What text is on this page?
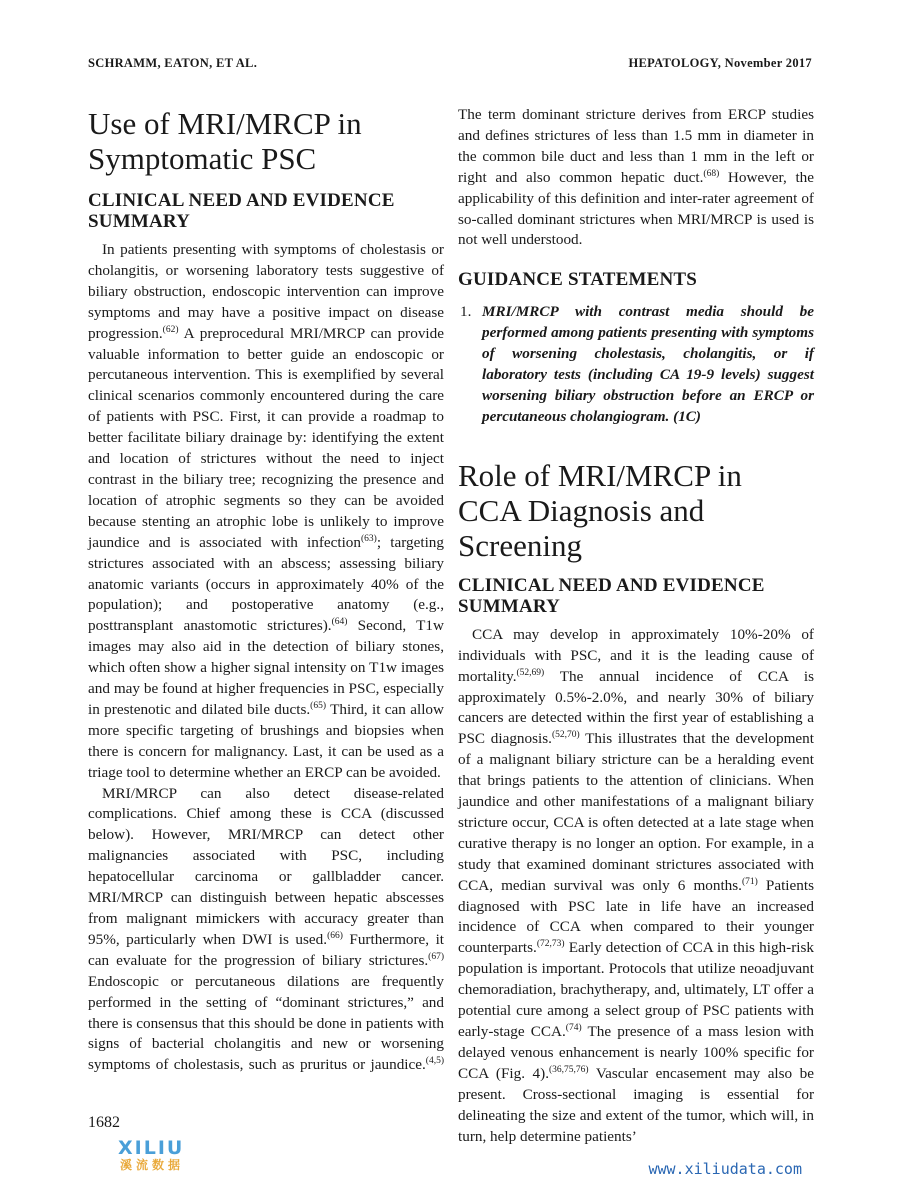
SCHRAMM, EATON, ET AL.	HEPATOLOGY, November 2017
Use of MRI/MRCP in Symptomatic PSC
CLINICAL NEED AND EVIDENCE SUMMARY

In patients presenting with symptoms of cholestasis or cholangitis, or worsening laboratory tests suggestive of biliary obstruction, endoscopic intervention can improve symptoms and may have a positive impact on disease progression.$^{(62)}$ A preprocedural MRI/MRCP can provide valuable information to better guide an endoscopic or percutaneous intervention. This is exemplified by several clinical scenarios commonly encountered during the care of patients with PSC. First, it can provide a roadmap to better facilitate biliary drainage by: identifying the extent and location of strictures without the need to inject contrast in the biliary tree; recognizing the presence and location of atrophic segments so they can be avoided because stenting an atrophic lobe is unlikely to improve jaundice and is associated with infection$^{(63)}$; targeting strictures associated with an abscess; assessing biliary anatomic variants (occurs in approximately 40% of the population); and postoperative anatomy (e.g., posttransplant anastomotic strictures).$^{(64)}$ Second, T1w images may also aid in the detection of biliary stones, which often show a higher signal intensity on T1w images and may be found at higher frequencies in PSC, especially in prestenotic and dilated bile ducts.$^{(65)}$ Third, it can allow more specific targeting of brushings and biopsies when there is concern for malignancy. Last, it can be used as a triage tool to determine whether an ERCP can be avoided.

MRI/MRCP can also detect disease-related complications. Chief among these is CCA (discussed below). However, MRI/MRCP can detect other malignancies associated with PSC, including hepatocellular carcinoma or gallbladder cancer. MRI/MRCP can distinguish between hepatic abscesses from malignant mimickers with accuracy greater than 95%, particularly when DWI is used.$^{(66)}$ Furthermore, it can evaluate for the progression of biliary strictures.$^{(67)}$ Endoscopic or percutaneous dilations are frequently performed in the setting of “dominant strictures,” and there is consensus that this should be done in patients with signs of bacterial cholangitis and new or worsening symptoms of cholestasis, such as pruritus or jaundice.$^{(4,5)}$

The term dominant stricture derives from ERCP studies and defines strictures of less than 1.5 mm in diameter in the common bile duct and less than 1 mm in the left or right and also common hepatic duct.$^{(68)}$ However, the applicability of this definition and inter-rater agreement of so-called dominant strictures when MRI/MRCP is used is not well understood.

GUIDANCE STATEMENTS

1. MRI/MRCP with contrast media should be performed among patients presenting with symptoms of worsening cholestasis, cholangitis, or if laboratory tests (including CA 19-9 levels) suggest worsening biliary obstruction before an ERCP or percutaneous cholangiogram. (1C)

Role of MRI/MRCP in CCA Diagnosis and Screening
CLINICAL NEED AND EVIDENCE SUMMARY

CCA may develop in approximately 10%-20% of individuals with PSC, and it is the leading cause of mortality.$^{(52,69)}$ The annual incidence of CCA is approximately 0.5%-2.0%, and nearly 30% of biliary cancers are detected within the first year of establishing a PSC diagnosis.$^{(52,70)}$ This illustrates that the development of a malignant biliary stricture can be a heralding event that brings patients to the attention of clinicians. When jaundice and other manifestations of a malignant biliary stricture occur, CCA is often detected at a late stage when curative therapy is no longer an option. For example, in a study that examined dominant strictures associated with CCA, median survival was only 6 months.$^{(71)}$ Patients diagnosed with PSC late in life have an increased incidence of CCA when compared to their younger counterparts.$^{(72,73)}$ Early detection of CCA in this high-risk population is important. Protocols that utilize neoadjuvant chemoradiation, brachytherapy, and, ultimately, LT offer a potential cure among a select group of PSC patients with early-stage CCA.$^{(74)}$ The presence of a mass lesion with delayed venous enhancement is nearly 100% specific for CCA (Fig. 4).$^{(36,75,76)}$ Vascular encasement may also be present. Cross-sectional imaging is essential for delineating the size and extent of the tumor, which will, in turn, help determine patients’

1682
XILIU
溪流数据	www.xiliudata.com
